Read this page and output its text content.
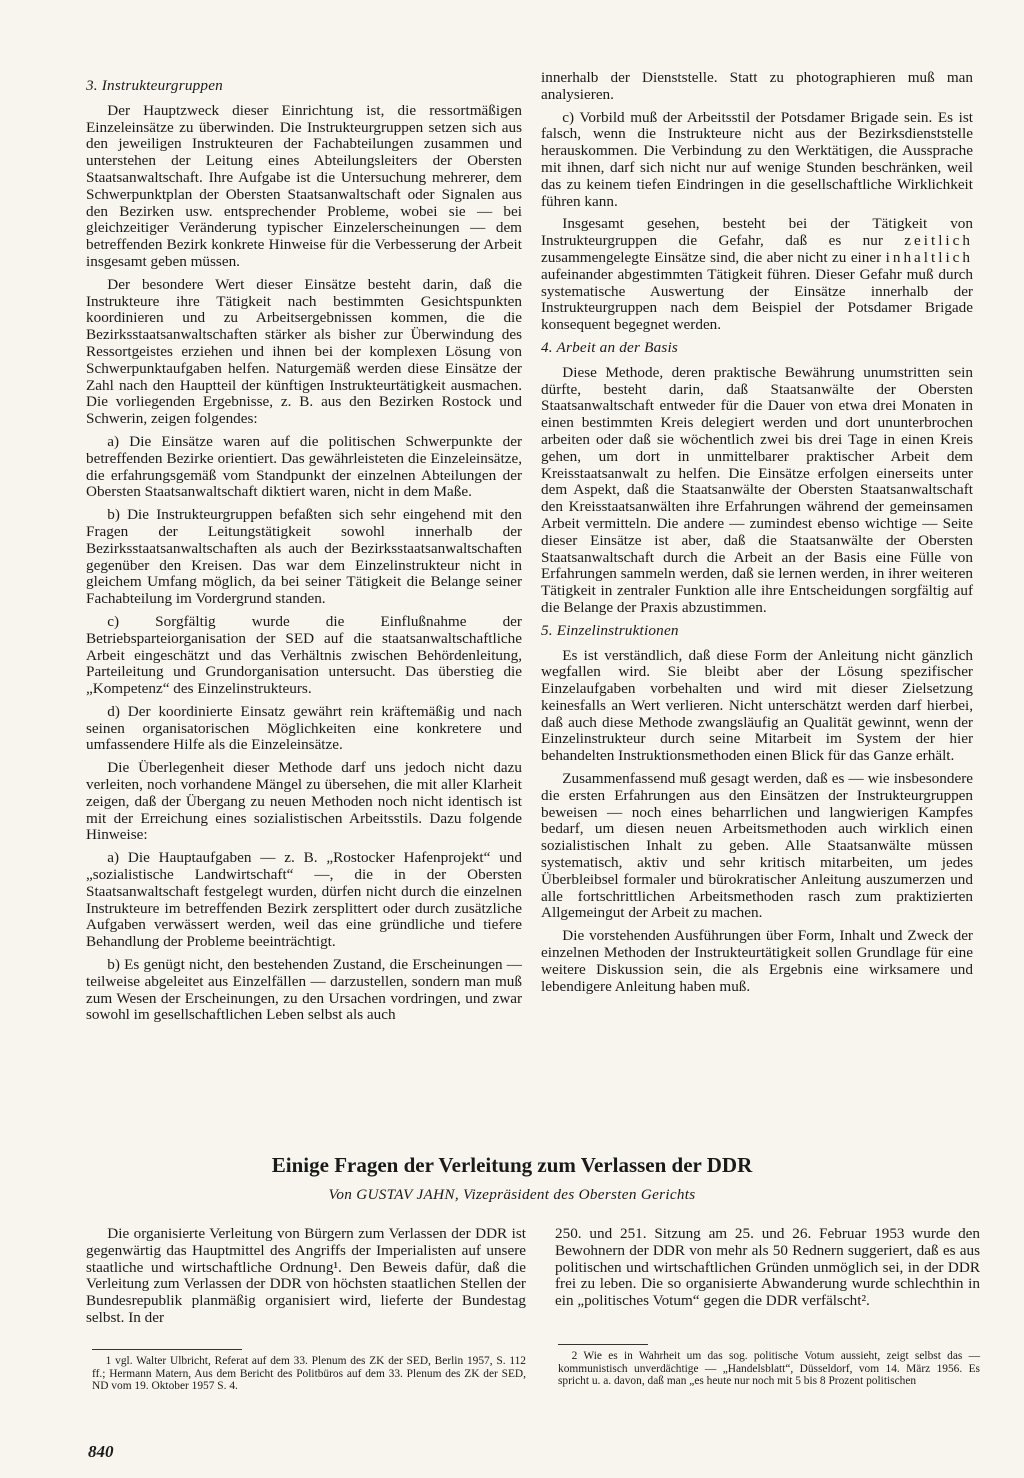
3. Instrukteurgruppen

Der Hauptzweck dieser Einrichtung ist, die ressortmäßigen Einzeleinsätze zu überwinden. Die Instrukteurgruppen setzen sich aus den jeweiligen Instrukteuren der Fachabteilungen zusammen und unterstehen der Leitung eines Abteilungsleiters der Obersten Staatsanwaltschaft. Ihre Aufgabe ist die Untersuchung mehrerer, dem Schwerpunktplan der Obersten Staatsanwaltschaft oder Signalen aus den Bezirken usw. entsprechender Probleme, wobei sie — bei gleichzeitiger Veränderung typischer Einzelerscheinungen — dem betreffenden Bezirk konkrete Hinweise für die Verbesserung der Arbeit insgesamt geben müssen.

Der besondere Wert dieser Einsätze besteht darin, daß die Instrukteure ihre Tätigkeit nach bestimmten Gesichtspunkten koordinieren und zu Arbeitsergebnissen kommen, die die Bezirksstaatsanwaltschaften stärker als bisher zur Überwindung des Ressortgeistes erziehen und ihnen bei der komplexen Lösung von Schwerpunktaufgaben helfen. Naturgemäß werden diese Einsätze der Zahl nach den Hauptteil der künftigen Instrukteurtätigkeit ausmachen. Die vorliegenden Ergebnisse, z. B. aus den Bezirken Rostock und Schwerin, zeigen folgendes:

a) Die Einsätze waren auf die politischen Schwerpunkte der betreffenden Bezirke orientiert. Das gewährleisteten die Einzeleinsätze, die erfahrungsgemäß vom Standpunkt der einzelnen Abteilungen der Obersten Staatsanwaltschaft diktiert waren, nicht in dem Maße.

b) Die Instrukteurgruppen befaßten sich sehr eingehend mit den Fragen der Leitungstätigkeit sowohl innerhalb der Bezirksstaatsanwaltschaften als auch der Bezirksstaatsanwaltschaften gegenüber den Kreisen. Das war dem Einzelinstrukteur nicht in gleichem Umfang möglich, da bei seiner Tätigkeit die Belange seiner Fachabteilung im Vordergrund standen.

c) Sorgfältig wurde die Einflußnahme der Betriebsparteiorganisation der SED auf die staatsanwaltschaftliche Arbeit eingeschätzt und das Verhältnis zwischen Behördenleitung, Parteileitung und Grundorganisation untersucht. Das überstieg die „Kompetenz“ des Einzelinstrukteurs.

d) Der koordinierte Einsatz gewährt rein kräftemäßig und nach seinen organisatorischen Möglichkeiten eine konkretere und umfassendere Hilfe als die Einzeleinsätze.

Die Überlegenheit dieser Methode darf uns jedoch nicht dazu verleiten, noch vorhandene Mängel zu übersehen, die mit aller Klarheit zeigen, daß der Übergang zu neuen Methoden noch nicht identisch ist mit der Erreichung eines sozialistischen Arbeitsstils. Dazu folgende Hinweise:

a) Die Hauptaufgaben — z. B. „Rostocker Hafenprojekt“ und „sozialistische Landwirtschaft“ —, die in der Obersten Staatsanwaltschaft festgelegt wurden, dürfen nicht durch die einzelnen Instrukteure im betreffenden Bezirk zersplittert oder durch zusätzliche Aufgaben verwässert werden, weil das eine gründliche und tiefere Behandlung der Probleme beeinträchtigt.

b) Es genügt nicht, den bestehenden Zustand, die Erscheinungen — teilweise abgeleitet aus Einzelfällen — darzustellen, sondern man muß zum Wesen der Erscheinungen, zu den Ursachen vordringen, und zwar sowohl im gesellschaftlichen Leben selbst als auch

innerhalb der Dienststelle. Statt zu photographieren muß man analysieren.

c) Vorbild muß der Arbeitsstil der Potsdamer Brigade sein. Es ist falsch, wenn die Instrukteure nicht aus der Bezirksdienststelle herauskommen. Die Verbindung zu den Werktätigen, die Aussprache mit ihnen, darf sich nicht nur auf wenige Stunden beschränken, weil das zu keinem tiefen Eindringen in die gesellschaftliche Wirklichkeit führen kann.

Insgesamt gesehen, besteht bei der Tätigkeit von Instrukteurgruppen die Gefahr, daß es nur zeitlich zusammengelegte Einsätze sind, die aber nicht zu einer inhaltlich aufeinander abgestimmten Tätigkeit führen. Dieser Gefahr muß durch systematische Auswertung der Einsätze innerhalb der Instrukteurgruppen nach dem Beispiel der Potsdamer Brigade konsequent begegnet werden.

4. Arbeit an der Basis

Diese Methode, deren praktische Bewährung unumstritten sein dürfte, besteht darin, daß Staatsanwälte der Obersten Staatsanwaltschaft entweder für die Dauer von etwa drei Monaten in einen bestimmten Kreis delegiert werden und dort ununterbrochen arbeiten oder daß sie wöchentlich zwei bis drei Tage in einen Kreis gehen, um dort in unmittelbarer praktischer Arbeit dem Kreisstaatsanwalt zu helfen. Die Einsätze erfolgen einerseits unter dem Aspekt, daß die Staatsanwälte der Obersten Staatsanwaltschaft den Kreisstaatsanwälten ihre Erfahrungen während der gemeinsamen Arbeit vermitteln. Die andere — zumindest ebenso wichtige — Seite dieser Einsätze ist aber, daß die Staatsanwälte der Obersten Staatsanwaltschaft durch die Arbeit an der Basis eine Fülle von Erfahrungen sammeln werden, daß sie lernen werden, in ihrer weiteren Tätigkeit in zentraler Funktion alle ihre Entscheidungen sorgfältig auf die Belange der Praxis abzustimmen.

5. Einzelinstruktionen

Es ist verständlich, daß diese Form der Anleitung nicht gänzlich wegfallen wird. Sie bleibt aber der Lösung spezifischer Einzelaufgaben vorbehalten und wird mit dieser Zielsetzung keinesfalls an Wert verlieren. Nicht unterschätzt werden darf hierbei, daß auch diese Methode zwangsläufig an Qualität gewinnt, wenn der Einzelinstrukteur durch seine Mitarbeit im System der hier behandelten Instruktionsmethoden einen Blick für das Ganze erhält.

Zusammenfassend muß gesagt werden, daß es — wie insbesondere die ersten Erfahrungen aus den Einsätzen der Instrukteurgruppen beweisen — noch eines beharrlichen und langwierigen Kampfes bedarf, um diesen neuen Arbeitsmethoden auch wirklich einen sozialistischen Inhalt zu geben. Alle Staatsanwälte müssen systematisch, aktiv und sehr kritisch mitarbeiten, um jedes Überbleibsel formaler und bürokratischer Anleitung auszumerzen und alle fortschrittlichen Arbeitsmethoden rasch zum praktizierten Allgemeingut der Arbeit zu machen.

Die vorstehenden Ausführungen über Form, Inhalt und Zweck der einzelnen Methoden der Instrukteurtätigkeit sollen Grundlage für eine weitere Diskussion sein, die als Ergebnis eine wirksamere und lebendigere Anleitung haben muß.

Einige Fragen der Verleitung zum Verlassen der DDR
Von GUSTAV JAHN, Vizepräsident des Obersten Gerichts

Die organisierte Verleitung von Bürgern zum Verlassen der DDR ist gegenwärtig das Hauptmittel des Angriffs der Imperialisten auf unsere staatliche und wirtschaftliche Ordnung¹. Den Beweis dafür, daß die Verleitung zum Verlassen der DDR von höchsten staatlichen Stellen der Bundesrepublik planmäßig organisiert wird, lieferte der Bundestag selbst. In der

250. und 251. Sitzung am 25. und 26. Februar 1953 wurde den Bewohnern der DDR von mehr als 50 Rednern suggeriert, daß es aus politischen und wirtschaftlichen Gründen unmöglich sei, in der DDR frei zu leben. Die so organisierte Abwanderung wurde schlechthin in ein „politisches Votum“ gegen die DDR verfälscht².

1 vgl. Walter Ulbricht, Referat auf dem 33. Plenum des ZK der SED, Berlin 1957, S. 112 ff.; Hermann Matern, Aus dem Bericht des Politbüros auf dem 33. Plenum des ZK der SED, ND vom 19. Oktober 1957 S. 4.

2 Wie es in Wahrheit um das sog. politische Votum aussieht, zeigt selbst das — kommunistisch unverdächtige — „Handelsblatt“, Düsseldorf, vom 14. März 1956. Es spricht u. a. davon, daß man „es heute nur noch mit 5 bis 8 Prozent politischen

840
